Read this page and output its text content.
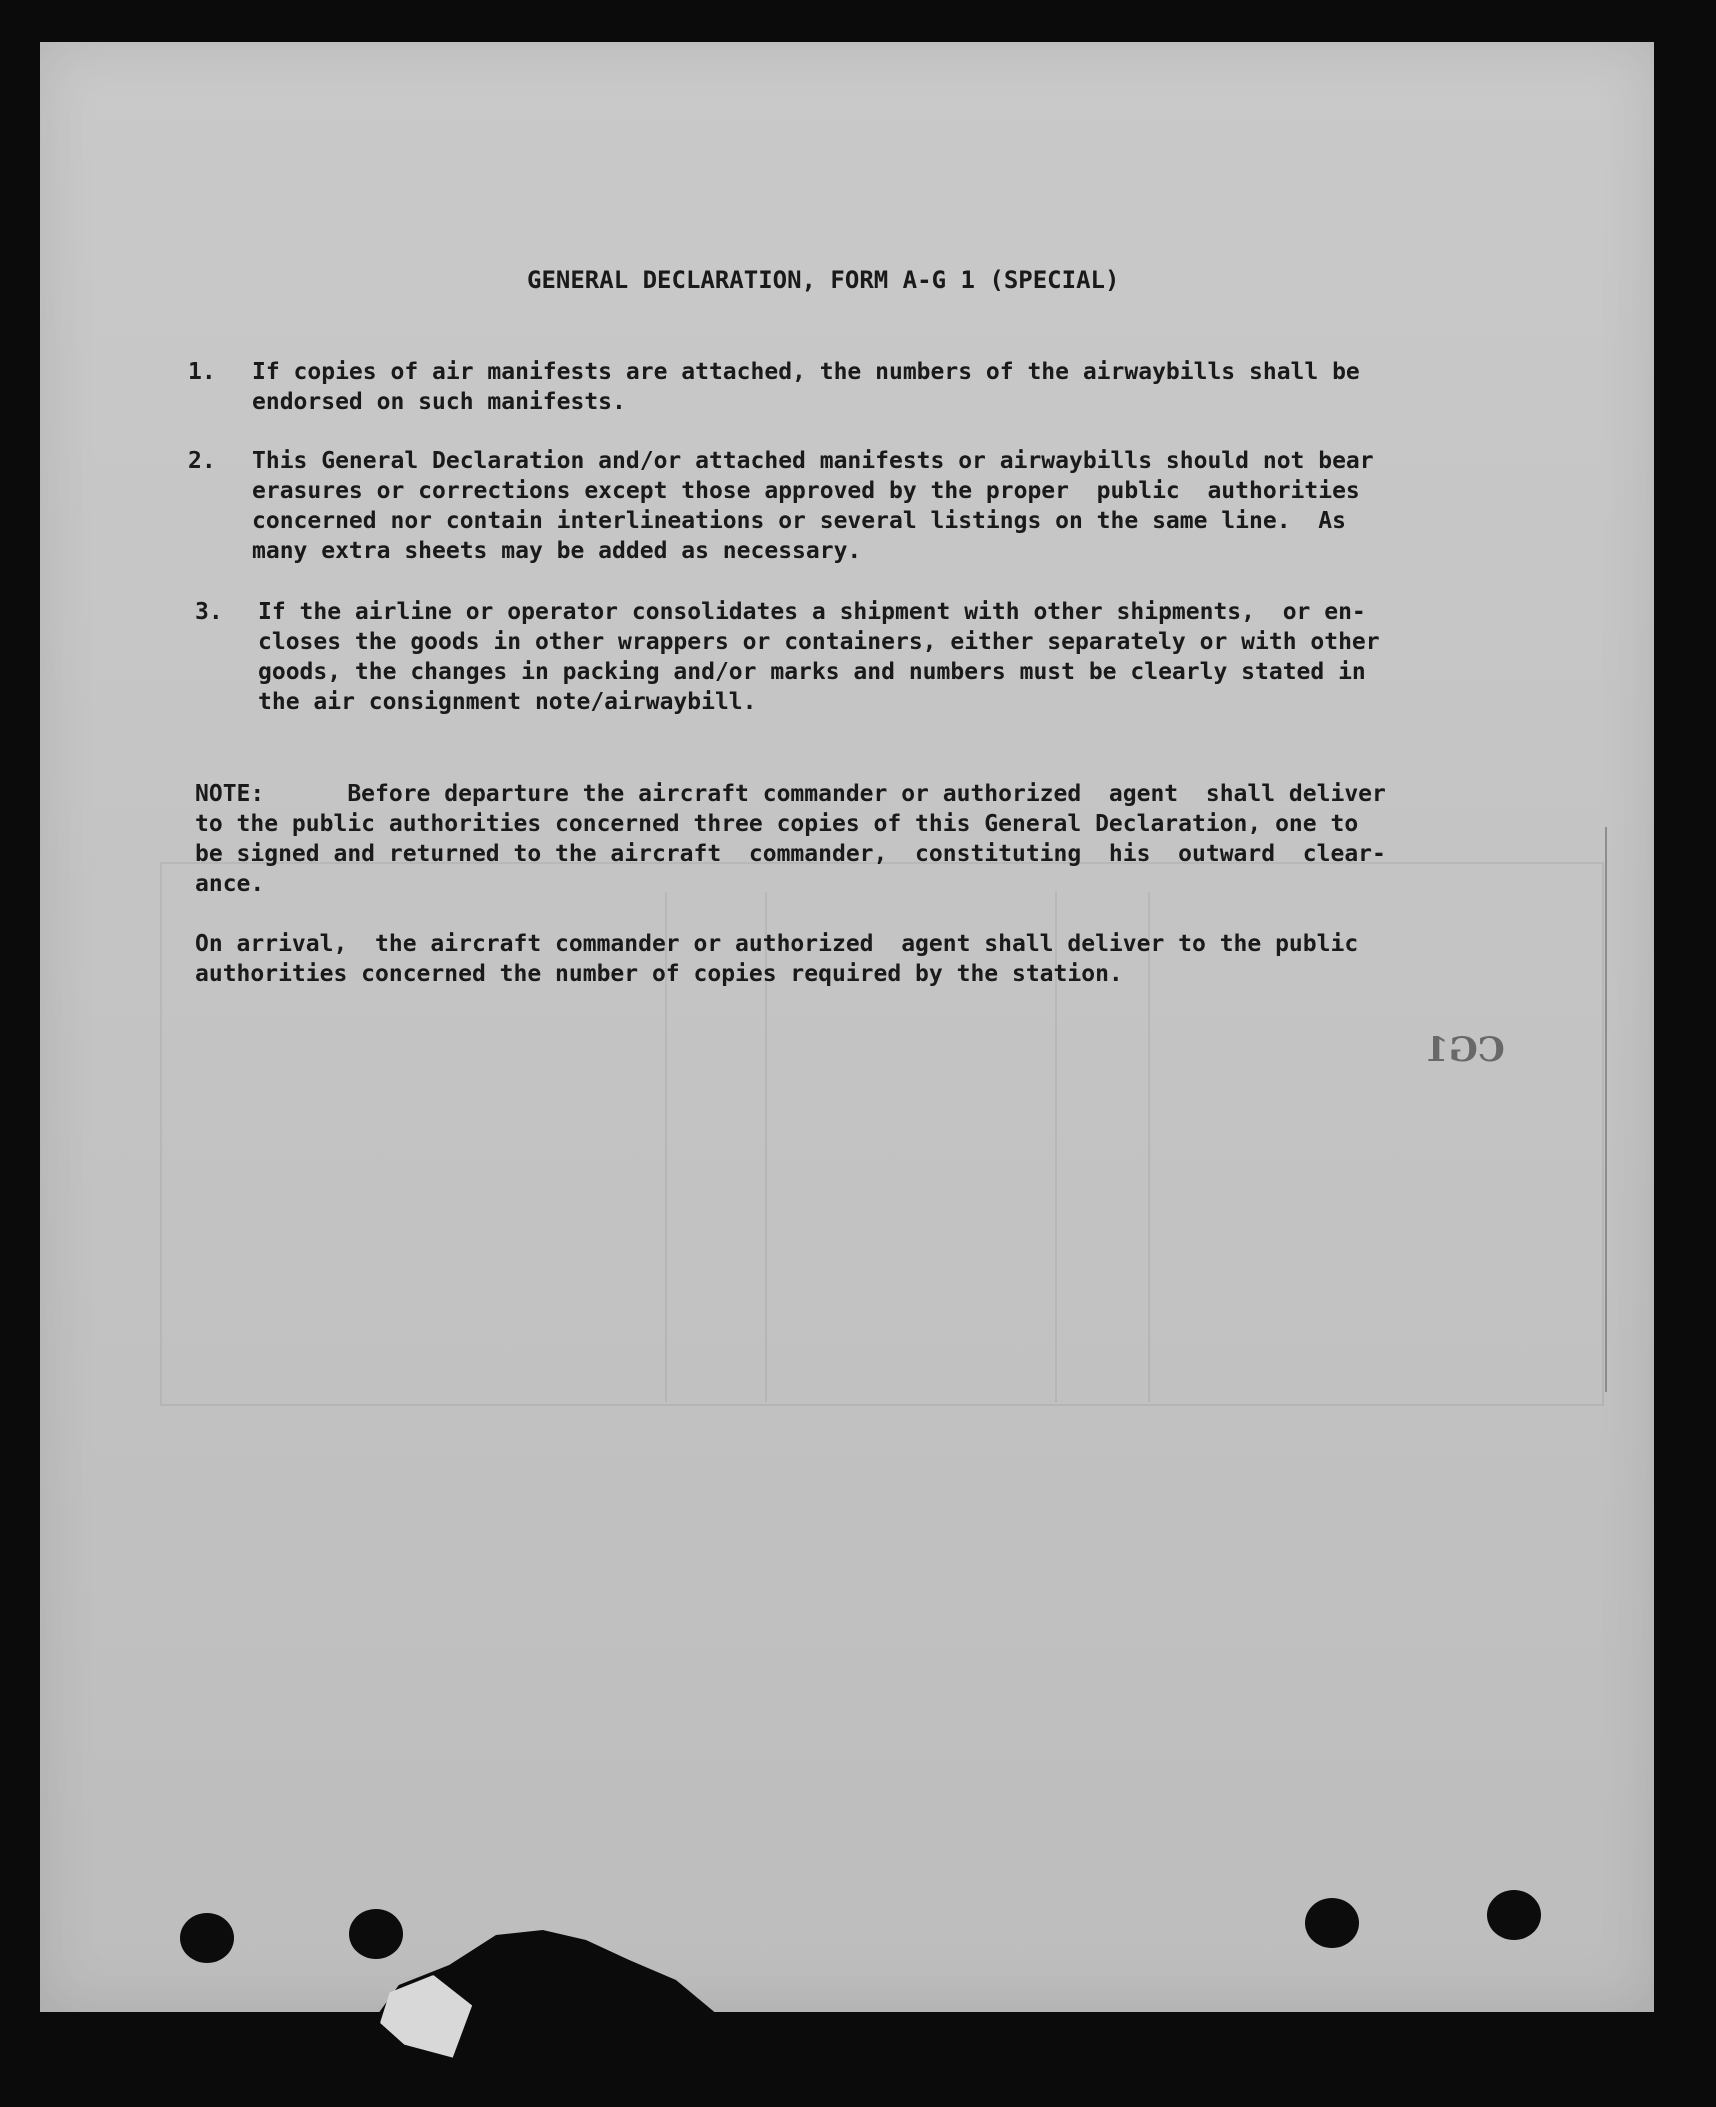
GENERAL DECLARATION, FORM A-G 1 (SPECIAL)
1. If copies of air manifests are attached, the numbers of the airwaybills shall be
endorsed on such manifests.
2. This General Declaration and/or attached manifests or airwaybills should not bear
erasures or corrections except those approved by the proper  public  authorities
concerned nor contain interlineations or several listings on the same line.  As
many extra sheets may be added as necessary.
3. If the airline or operator consolidates a shipment with other shipments,  or en-
closes the goods in other wrappers or containers, either separately or with other
goods, the changes in packing and/or marks and numbers must be clearly stated in
the air consignment note/airwaybill.
NOTE:      Before departure the aircraft commander or authorized  agent  shall deliver
to the public authorities concerned three copies of this General Declaration, one to
be signed and returned to the aircraft  commander,  constituting  his  outward  clear-
ance.
On arrival,  the aircraft commander or authorized  agent shall deliver to the public
authorities concerned the number of copies required by the station.
CG1
